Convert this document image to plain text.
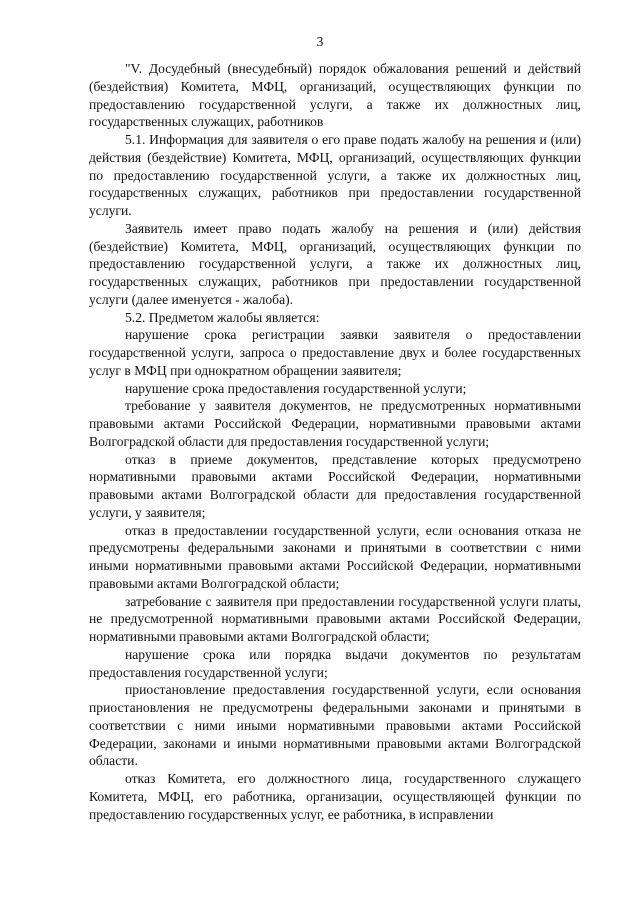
3

"V. Досудебный (внесудебный) порядок обжалования решений и действий (бездействия) Комитета, МФЦ, организаций, осуществляющих функции по предоставлению государственной услуги, а также их должностных лиц, государственных служащих, работников

5.1. Информация для заявителя о его праве подать жалобу на решения и (или) действия (бездействие) Комитета, МФЦ, организаций, осуществляющих функции по предоставлению государственной услуги, а также их должностных лиц, государственных служащих, работников при предоставлении государственной услуги.

Заявитель имеет право подать жалобу на решения и (или) действия (бездействие) Комитета, МФЦ, организаций, осуществляющих функции по предоставлению государственной услуги, а также их должностных лиц, государственных служащих, работников при предоставлении государственной услуги (далее именуется - жалоба).

5.2. Предметом жалобы является:

нарушение срока регистрации заявки заявителя о предоставлении государственной услуги, запроса о предоставление двух и более государственных услуг в МФЦ при однократном обращении заявителя;

нарушение срока предоставления государственной услуги;

требование у заявителя документов, не предусмотренных нормативными правовыми актами Российской Федерации, нормативными правовыми актами Волгоградской области для предоставления государственной услуги;

отказ в приеме документов, представление которых предусмотрено нормативными правовыми актами Российской Федерации, нормативными правовыми актами Волгоградской области для предоставления государственной услуги, у заявителя;

отказ в предоставлении государственной услуги, если основания отказа не предусмотрены федеральными законами и принятыми в соответствии с ними иными нормативными правовыми актами Российской Федерации, нормативными правовыми актами Волгоградской области;

затребование с заявителя при предоставлении государственной услуги платы, не предусмотренной нормативными правовыми актами Российской Федерации, нормативными правовыми актами Волгоградской области;

нарушение срока или порядка выдачи документов по результатам предоставления государственной услуги;

приостановление предоставления государственной услуги, если основания приостановления не предусмотрены федеральными законами и принятыми в соответствии с ними иными нормативными правовыми актами Российской Федерации, законами и иными нормативными правовыми актами Волгоградской области.

отказ Комитета, его должностного лица, государственного служащего Комитета, МФЦ, его работника, организации, осуществляющей функции по предоставлению государственных услуг, ее работника, в исправлении
